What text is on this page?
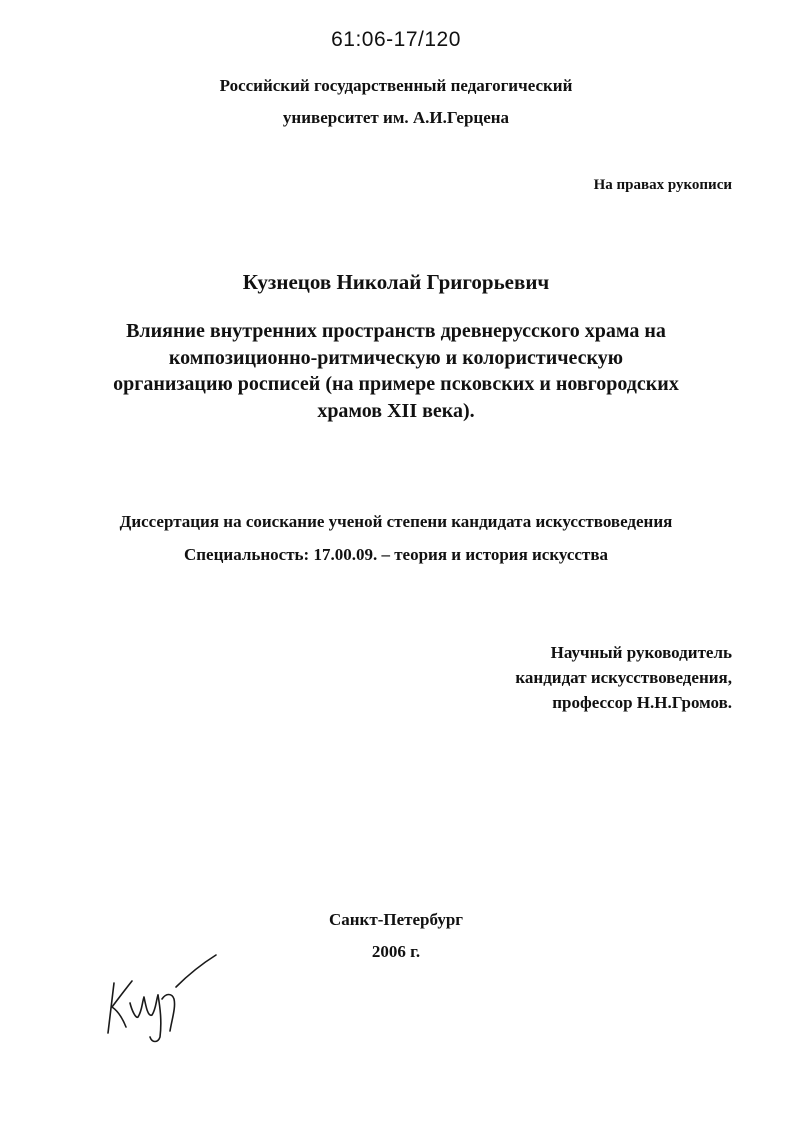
61:06-17/120
Российский государственный педагогический
университет им. А.И.Герцена
На правах рукописи
Кузнецов Николай Григорьевич
Влияние внутренних пространств древнерусского храма на
композиционно-ритмическую и колористическую
организацию росписей (на примере псковских и новгородских
храмов XII века).
Диссертация на соискание ученой степени кандидата искусствоведения
Специальность: 17.00.09. – теория и история искусства
Научный руководитель
кандидат искусствоведения,
профессор Н.Н.Громов.
Санкт-Петербург
2006 г.
